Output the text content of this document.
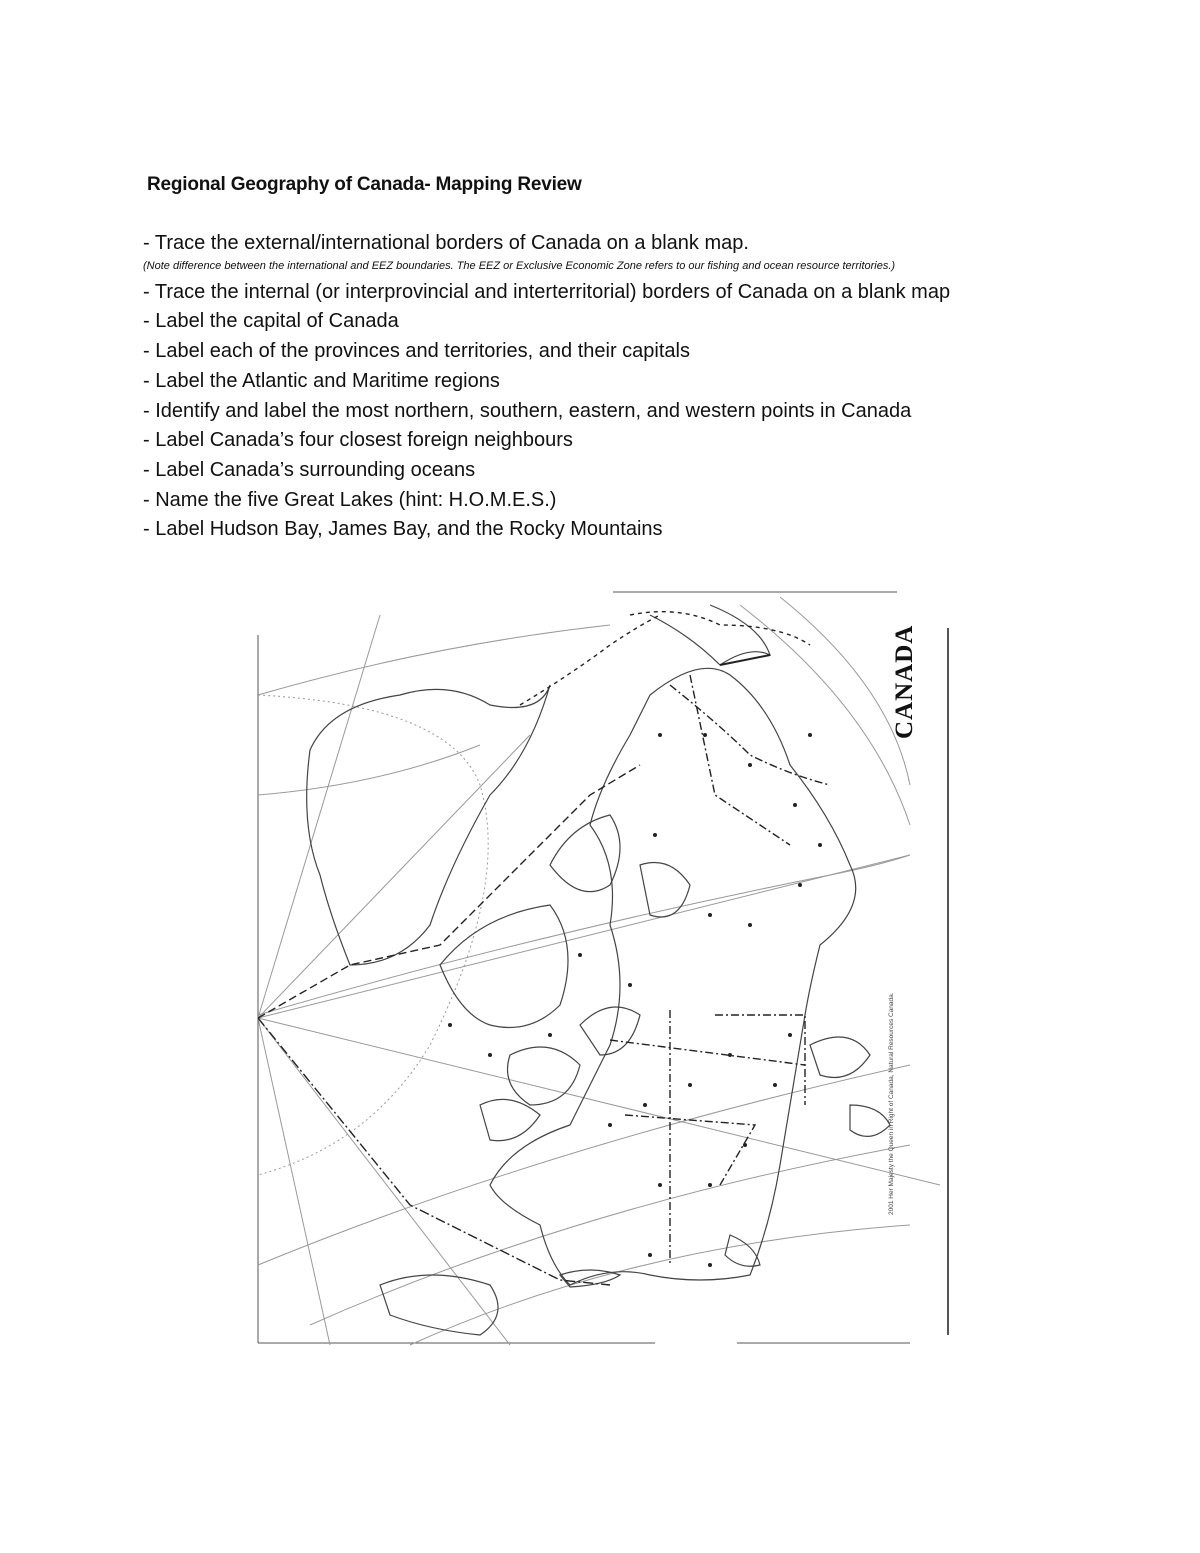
Regional Geography of Canada- Mapping Review
- Trace the external/international borders of Canada on a blank map.
(Note difference between the international and EEZ boundaries. The EEZ or Exclusive Economic Zone refers to our fishing and ocean resource territories.)
- Trace the internal (or interprovincial and interterritorial) borders of Canada on a blank map
- Label the capital of Canada
- Label each of the provinces and territories, and their capitals
- Label the Atlantic and Maritime regions
- Identify and label the most northern, southern, eastern, and western points in Canada
- Label Canada’s four closest foreign neighbours
- Label Canada’s surrounding oceans
- Name the five Great Lakes (hint: H.O.M.E.S.)
- Label Hudson Bay, James Bay, and the Rocky Mountains
CANADA
2001 Her Majesty the Queen in Right of Canada, Natural Resources Canada.
